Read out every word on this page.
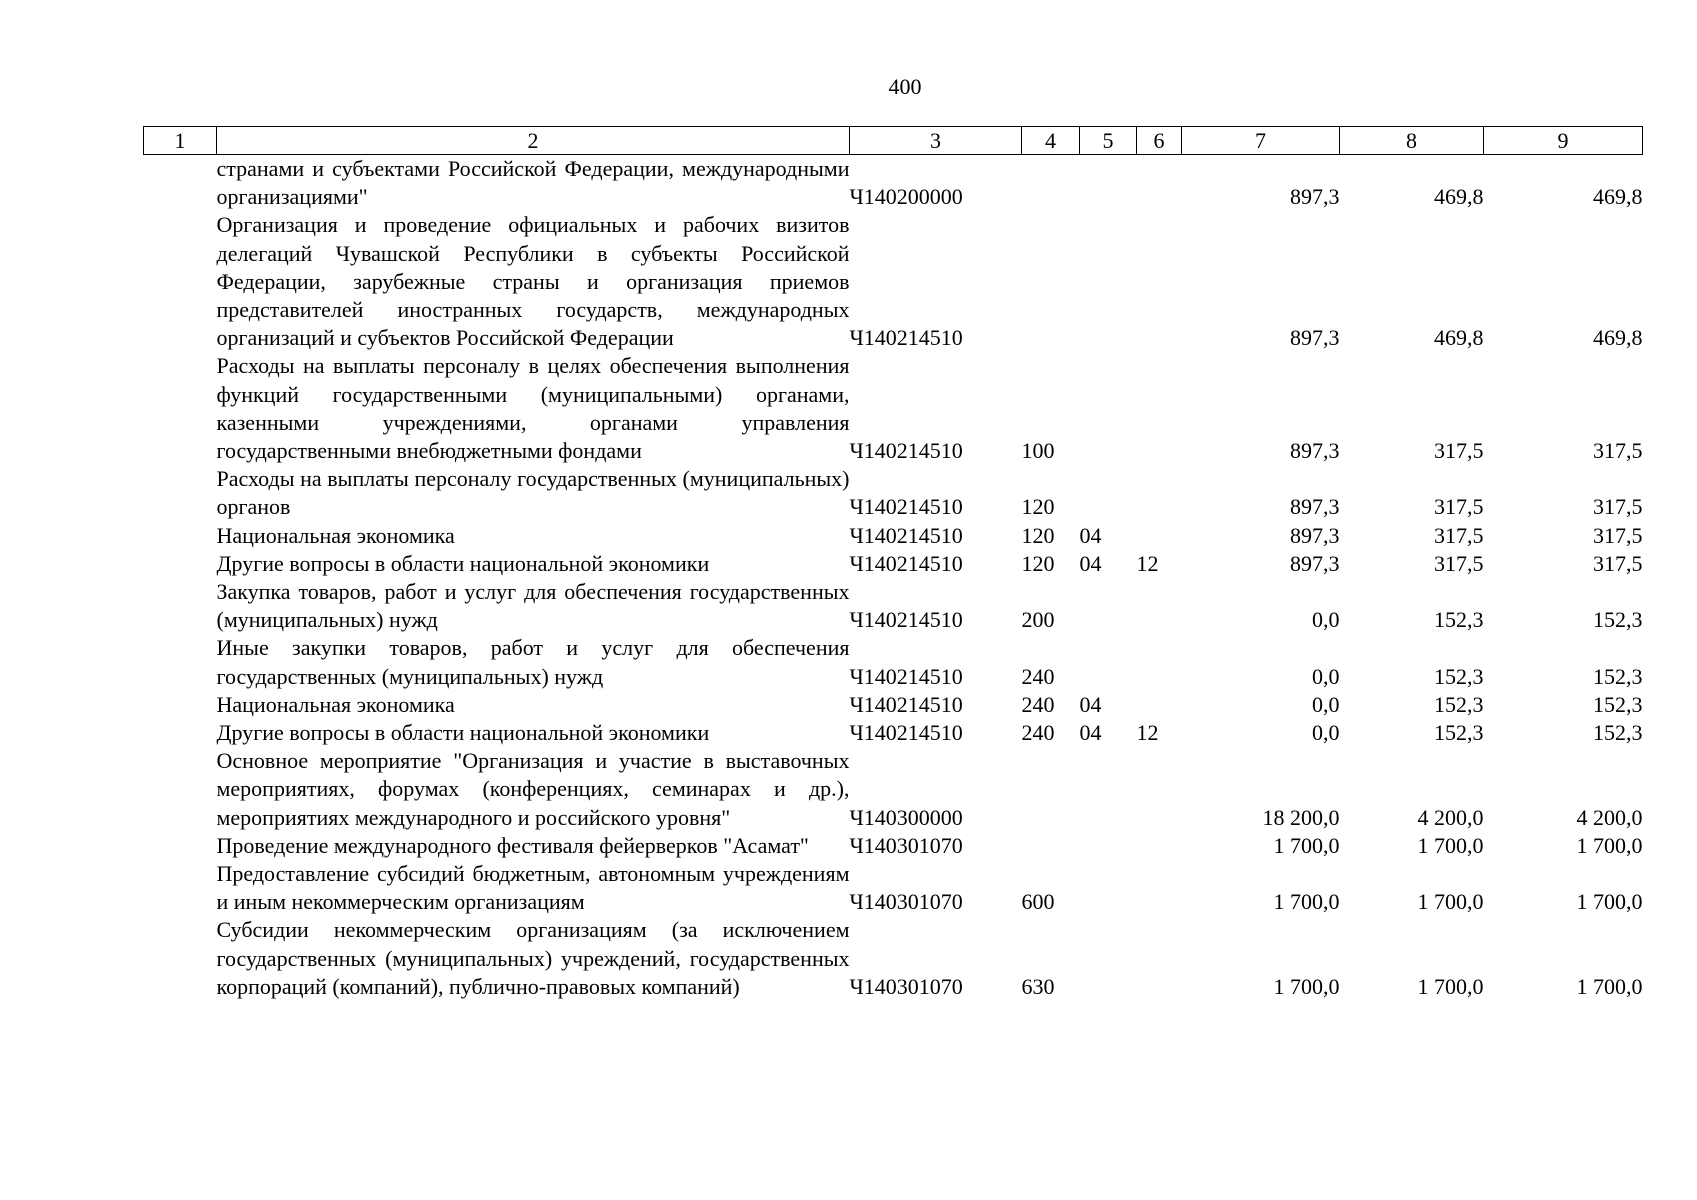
400
1	2	3	4	5	6	7	8	9
	странами и субъектами Российской Федерации, международными организациями"	Ч140200000				897,3	469,8	469,8
	Организация и проведение официальных и рабочих визитов делегаций Чувашской Республики в субъекты Российской Федерации, зарубежные страны и организация приемов представителей иностранных государств, международных организаций и субъектов Российской Федерации	Ч140214510				897,3	469,8	469,8
	Расходы на выплаты персоналу в целях обеспечения выполнения функций государственными (муниципальными) органами, казенными учреждениями, органами управления государственными внебюджетными фондами	Ч140214510	100			897,3	317,5	317,5
	Расходы на выплаты персоналу государственных (муниципальных) органов	Ч140214510	120			897,3	317,5	317,5
	Национальная экономика	Ч140214510	120	04		897,3	317,5	317,5
	Другие вопросы в области национальной экономики	Ч140214510	120	04	12	897,3	317,5	317,5
	Закупка товаров, работ и услуг для обеспечения государственных (муниципальных) нужд	Ч140214510	200			0,0	152,3	152,3
	Иные закупки товаров, работ и услуг для обеспечения государственных (муниципальных) нужд	Ч140214510	240			0,0	152,3	152,3
	Национальная экономика	Ч140214510	240	04		0,0	152,3	152,3
	Другие вопросы в области национальной экономики	Ч140214510	240	04	12	0,0	152,3	152,3
	Основное мероприятие "Организация и участие в выставочных мероприятиях, форумах (конференциях, семинарах и др.), мероприятиях международного и российского уровня"	Ч140300000				18 200,0	4 200,0	4 200,0
	Проведение международного фестиваля фейерверков "Асамат"	Ч140301070				1 700,0	1 700,0	1 700,0
	Предоставление субсидий бюджетным, автономным учреждениям и иным некоммерческим организациям	Ч140301070	600			1 700,0	1 700,0	1 700,0
	Субсидии некоммерческим организациям (за исключением государственных (муниципальных) учреждений, государственных корпораций (компаний), публично-правовых компаний)	Ч140301070	630			1 700,0	1 700,0	1 700,0
